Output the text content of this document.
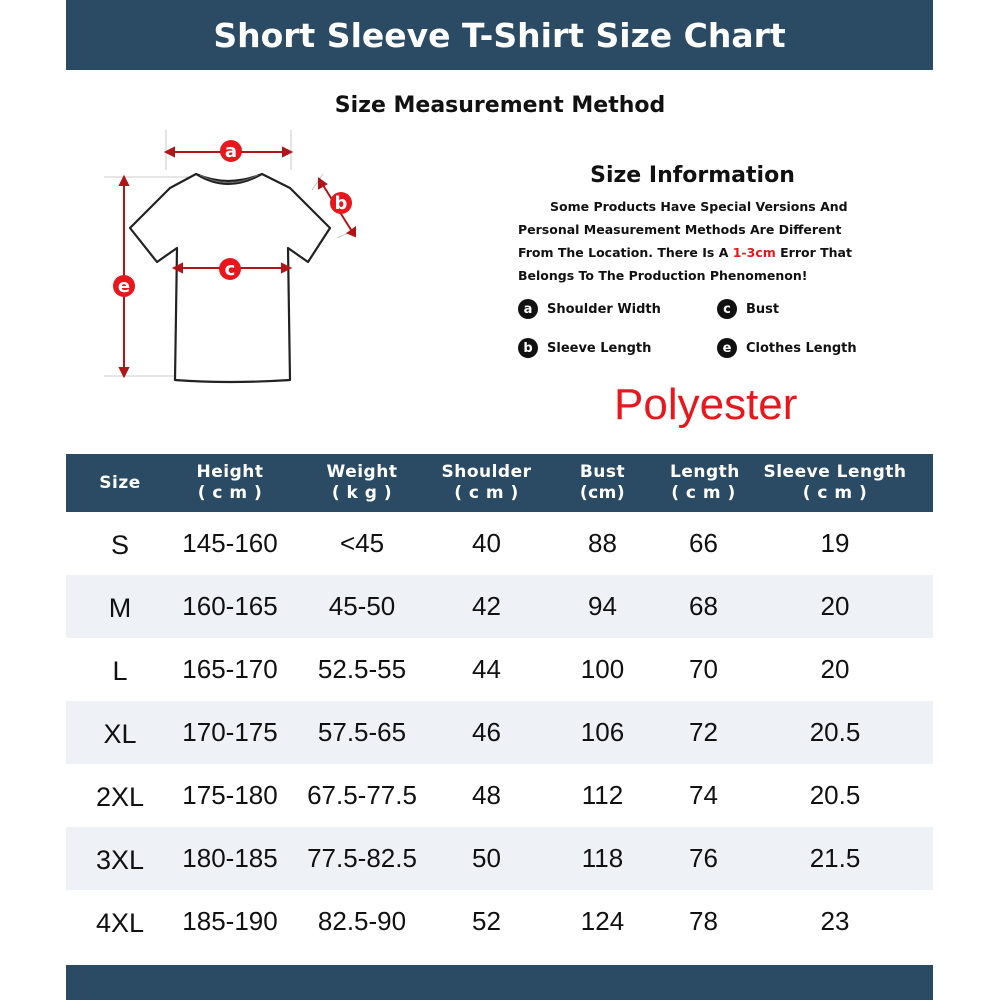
Short Sleeve T-Shirt Size Chart
Size Measurement Method
a
c
e
b
Size Information
Some Products Have Special Versions And
Personal Measurement Methods Are Different
From The Location. There Is A 1-3cm Error That
Belongs To The Production Phenomenon!
a	Shoulder Width	c	Bust
b	Sleeve Length	e	Clothes Length
Polyester
Size
Height
( c m )
Weight
( k g )
Shoulder
( c m )
Bust
(cm)
Length
( c m )
Sleeve Length
( c m )
S	145-160	<45	40	88	66	19
M	160-165	45-50	42	94	68	20
L	165-170	52.5-55	44	100	70	20
XL	170-175	57.5-65	46	106	72	20.5
2XL	175-180	67.5-77.5	48	112	74	20.5
3XL	180-185	77.5-82.5	50	118	76	21.5
4XL	185-190	82.5-90	52	124	78	23
